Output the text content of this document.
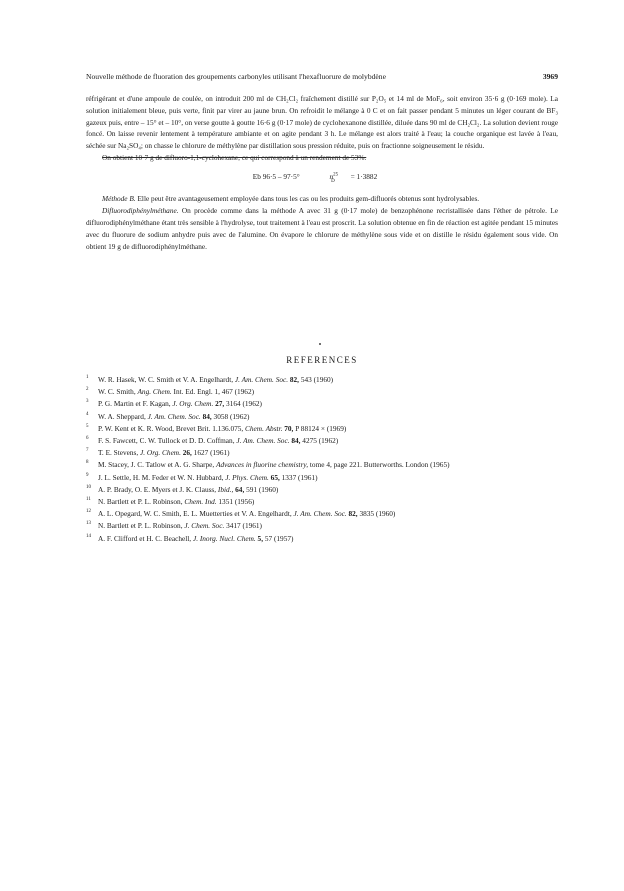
Nouvelle méthode de fluoration des groupements carbonyles utilisant l'hexafluorure de molybdène	3969

réfrigérant et d'une ampoule de coulée, on introduit 200 ml de CH₂Cl₂ fraîchement distillé sur P₂O₅ et 14 ml de MoF₆, soit environ 35·6 g (0·169 mole). La solution initialement bleue, puis verte, finit par virer au jaune brun. On refroidit le mélange à 0 C et on fait passer pendant 5 minutes un léger courant de BF₃ gazeux puis, entre – 15° et – 10°, on verse goutte à goutte 16·6 g (0·17 mole) de cyclohexanone distillée, diluée dans 90 ml de CH₂Cl₂. La solution devient rouge foncé. On laisse revenir lentement à température ambiante et on agite pendant 3 h. Le mélange est alors traité à l'eau; la couche organique est lavée à l'eau, séchée sur Na₂SO₄; on chasse le chlorure de méthylène par distillation sous pression réduite, puis on fractionne soigneusement le résidu.

On obtient 10·7 g de difluoro-1,1-cyclohexane, ce qui correspond à un rendement de 53%.

Eb 96·5 – 97·5°	$n^{25}_D = 1\cdot 3882$

Méthode B. Elle peut être avantageusement employée dans tous les cas ou les produits gem-difluorés obtenus sont hydrolysables.

Difluorodiphénylméthane. On procède comme dans la méthode A avec 31 g (0·17 mole) de benzophénone recristallisée dans l'éther de pétrole. Le difluorodiphénylméthane étant très sensible à l'hydrolyse, tout traitement à l'eau est proscrit. La solution obtenue en fin de réaction est agitée pendant 15 minutes avec du fluorure de sodium anhydre puis avec de l'alumine. On évapore le chlorure de méthylène sous vide et on distille le résidu également sous vide. On obtient 19 g de difluorodiphénylméthane.

REFERENCES
1 W. R. Hasek, W. C. Smith et V. A. Engelhardt, J. Am. Chem. Soc. 82, 543 (1960)
2 W. C. Smith, Ang. Chem. Int. Ed. Engl. 1, 467 (1962)
3 P. G. Martin et F. Kagan, J. Org. Chem. 27, 3164 (1962)
4 W. A. Sheppard, J. Am. Chem. Soc. 84, 3058 (1962)
5 P. W. Kent et K. R. Wood, Brevet Brit. 1.136.075, Chem. Abstr. 70, P 88124 × (1969)
6 F. S. Fawcett, C. W. Tullock et D. D. Coffman, J. Am. Chem. Soc. 84, 4275 (1962)
7 T. E. Stevens, J. Org. Chem. 26, 1627 (1961)
8 M. Stacey, J. C. Tatlow et A. G. Sharpe, Advances in fluorine chemistry, tome 4, page 221. Butterworths. London (1965)
9 J. L. Settle, H. M. Feder et W. N. Hubbard, J. Phys. Chem. 65, 1337 (1961)
10 A. P. Brady, O. E. Myers et J. K. Clauss, Ibid., 64, 591 (1960)
11 N. Bartlett et P. L. Robinson, Chem. Ind. 1351 (1956)
12 A. L. Opegard, W. C. Smith, E. L. Muetterties et V. A. Engelhardt, J. Am. Chem. Soc. 82, 3835 (1960)
13 N. Bartlett et P. L. Robinson, J. Chem. Soc. 3417 (1961)
14 A. F. Clifford et H. C. Beachell, J. Inorg. Nucl. Chem. 5, 57 (1957)
